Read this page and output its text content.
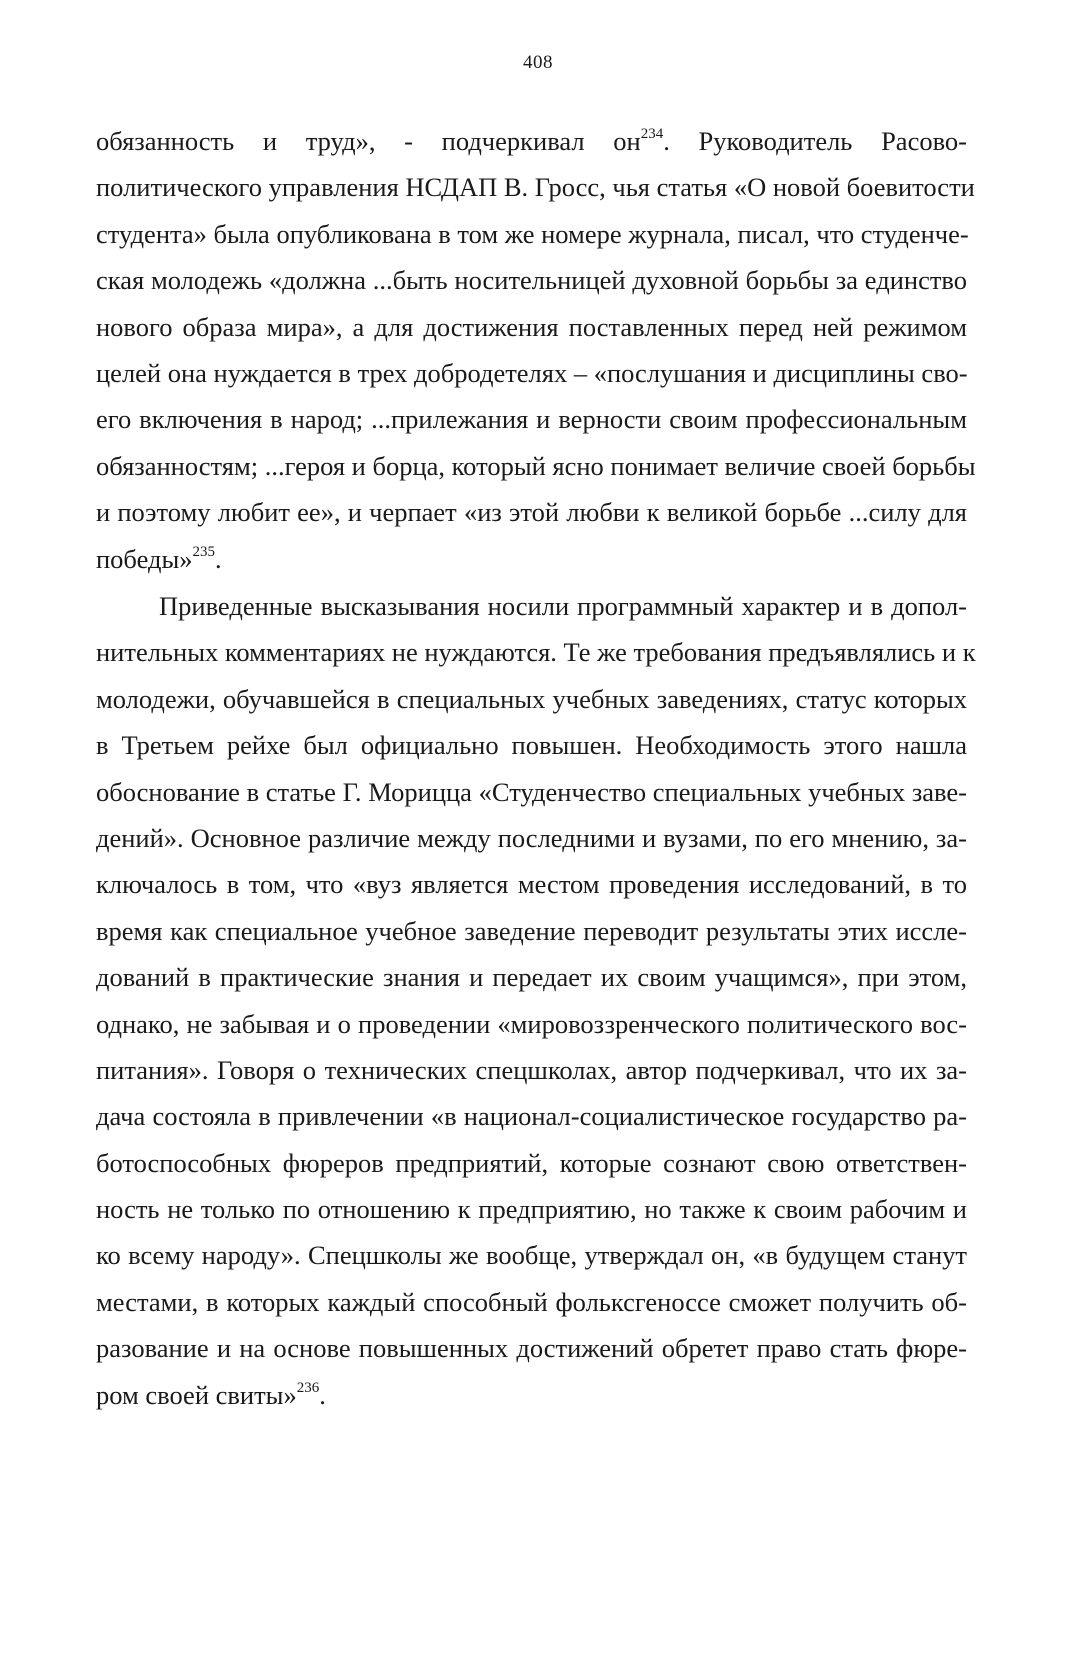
408
обязанность и труд», - подчеркивал $он^{234}$. Руководитель Расово-
политического управления НСДАП В. Гросс, чья статья «О новой боевитости
студента» была опубликована в том же номере журнала, писал, что студенче-
ская молодежь «должна ...быть носительницей духовной борьбы за единство
нового образа мира», а для достижения поставленных перед ней режимом
целей она нуждается в трех добродетелях – «послушания и дисциплины сво-
его включения в народ; ...прилежания и верности своим профессиональным
обязанностям; ...героя и борца, который ясно понимает величие своей борьбы
и поэтому любит ее», и черпает «из этой любви к великой борьбе ...силу для
победы»$^{235}$.
Приведенные высказывания носили программный характер и в допол-
нительных комментариях не нуждаются. Те же требования предъявлялись и к
молодежи, обучавшейся в специальных учебных заведениях, статус которых
в Третьем рейхе был официально повышен. Необходимость этого нашла
обоснование в статье Г. Морицца «Студенчество специальных учебных заве-
дений». Основное различие между последними и вузами, по его мнению, за-
ключалось в том, что «вуз является местом проведения исследований, в то
время как специальное учебное заведение переводит результаты этих иссле-
дований в практические знания и передает их своим учащимся», при этом,
однако, не забывая и о проведении «мировоззренческого политического вос-
питания». Говоря о технических спецшколах, автор подчеркивал, что их за-
дача состояла в привлечении «в национал-социалистическое государство ра-
ботоспособных фюреров предприятий, которые сознают свою ответствен-
ность не только по отношению к предприятию, но также к своим рабочим и
ко всему народу». Спецшколы же вообще, утверждал он, «в будущем станут
местами, в которых каждый способный фольксгеноссе сможет получить об-
разование и на основе повышенных достижений обретет право стать фюре-
ром своей свиты»$^{236}$.
